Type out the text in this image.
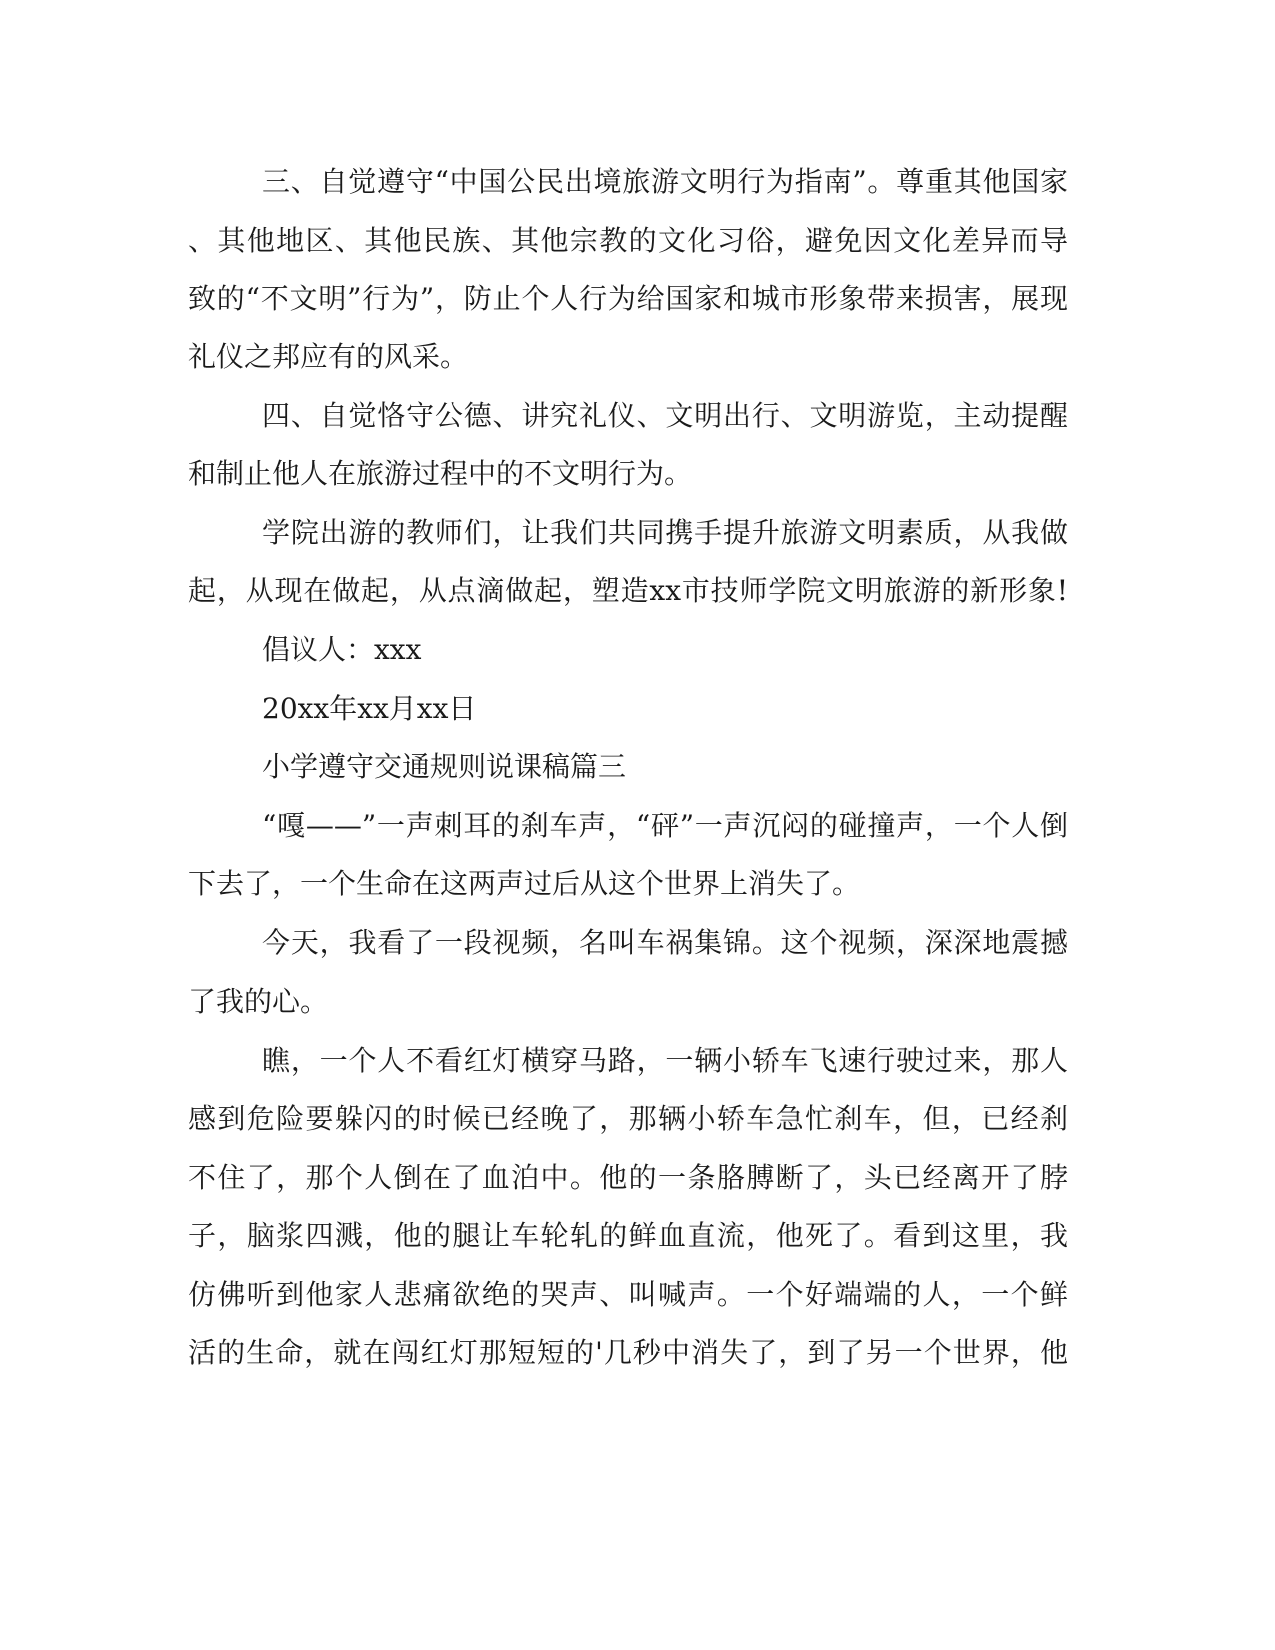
三、自觉遵守“中国公民出境旅游文明行为指南”。尊重其他国家
、其他地区、其他民族、其他宗教的文化习俗，避免因文化差异而导
致的“不文明”行为”，防止个人行为给国家和城市形象带来损害，展现
礼仪之邦应有的风采。
四、自觉恪守公德、讲究礼仪、文明出行、文明游览，主动提醒
和制止他人在旅游过程中的不文明行为。
学院出游的教师们，让我们共同携手提升旅游文明素质，从我做
起，从现在做起，从点滴做起，塑造xx市技师学院文明旅游的新形象!
倡议人：xxx
20xx年xx月xx日
小学遵守交通规则说课稿篇三
“嘎——”一声刺耳的刹车声，“砰”一声沉闷的碰撞声，一个人倒
下去了，一个生命在这两声过后从这个世界上消失了。
今天，我看了一段视频，名叫车祸集锦。这个视频，深深地震撼
了我的心。
瞧，一个人不看红灯横穿马路，一辆小轿车飞速行驶过来，那人
感到危险要躲闪的时候已经晚了，那辆小轿车急忙刹车，但，已经刹
不住了，那个人倒在了血泊中。他的一条胳膊断了，头已经离开了脖
子，脑浆四溅，他的腿让车轮轧的鲜血直流，他死了。看到这里，我
仿佛听到他家人悲痛欲绝的哭声、叫喊声。一个好端端的人，一个鲜
活的生命，就在闯红灯那短短的'几秒中消失了，到了另一个世界，他
